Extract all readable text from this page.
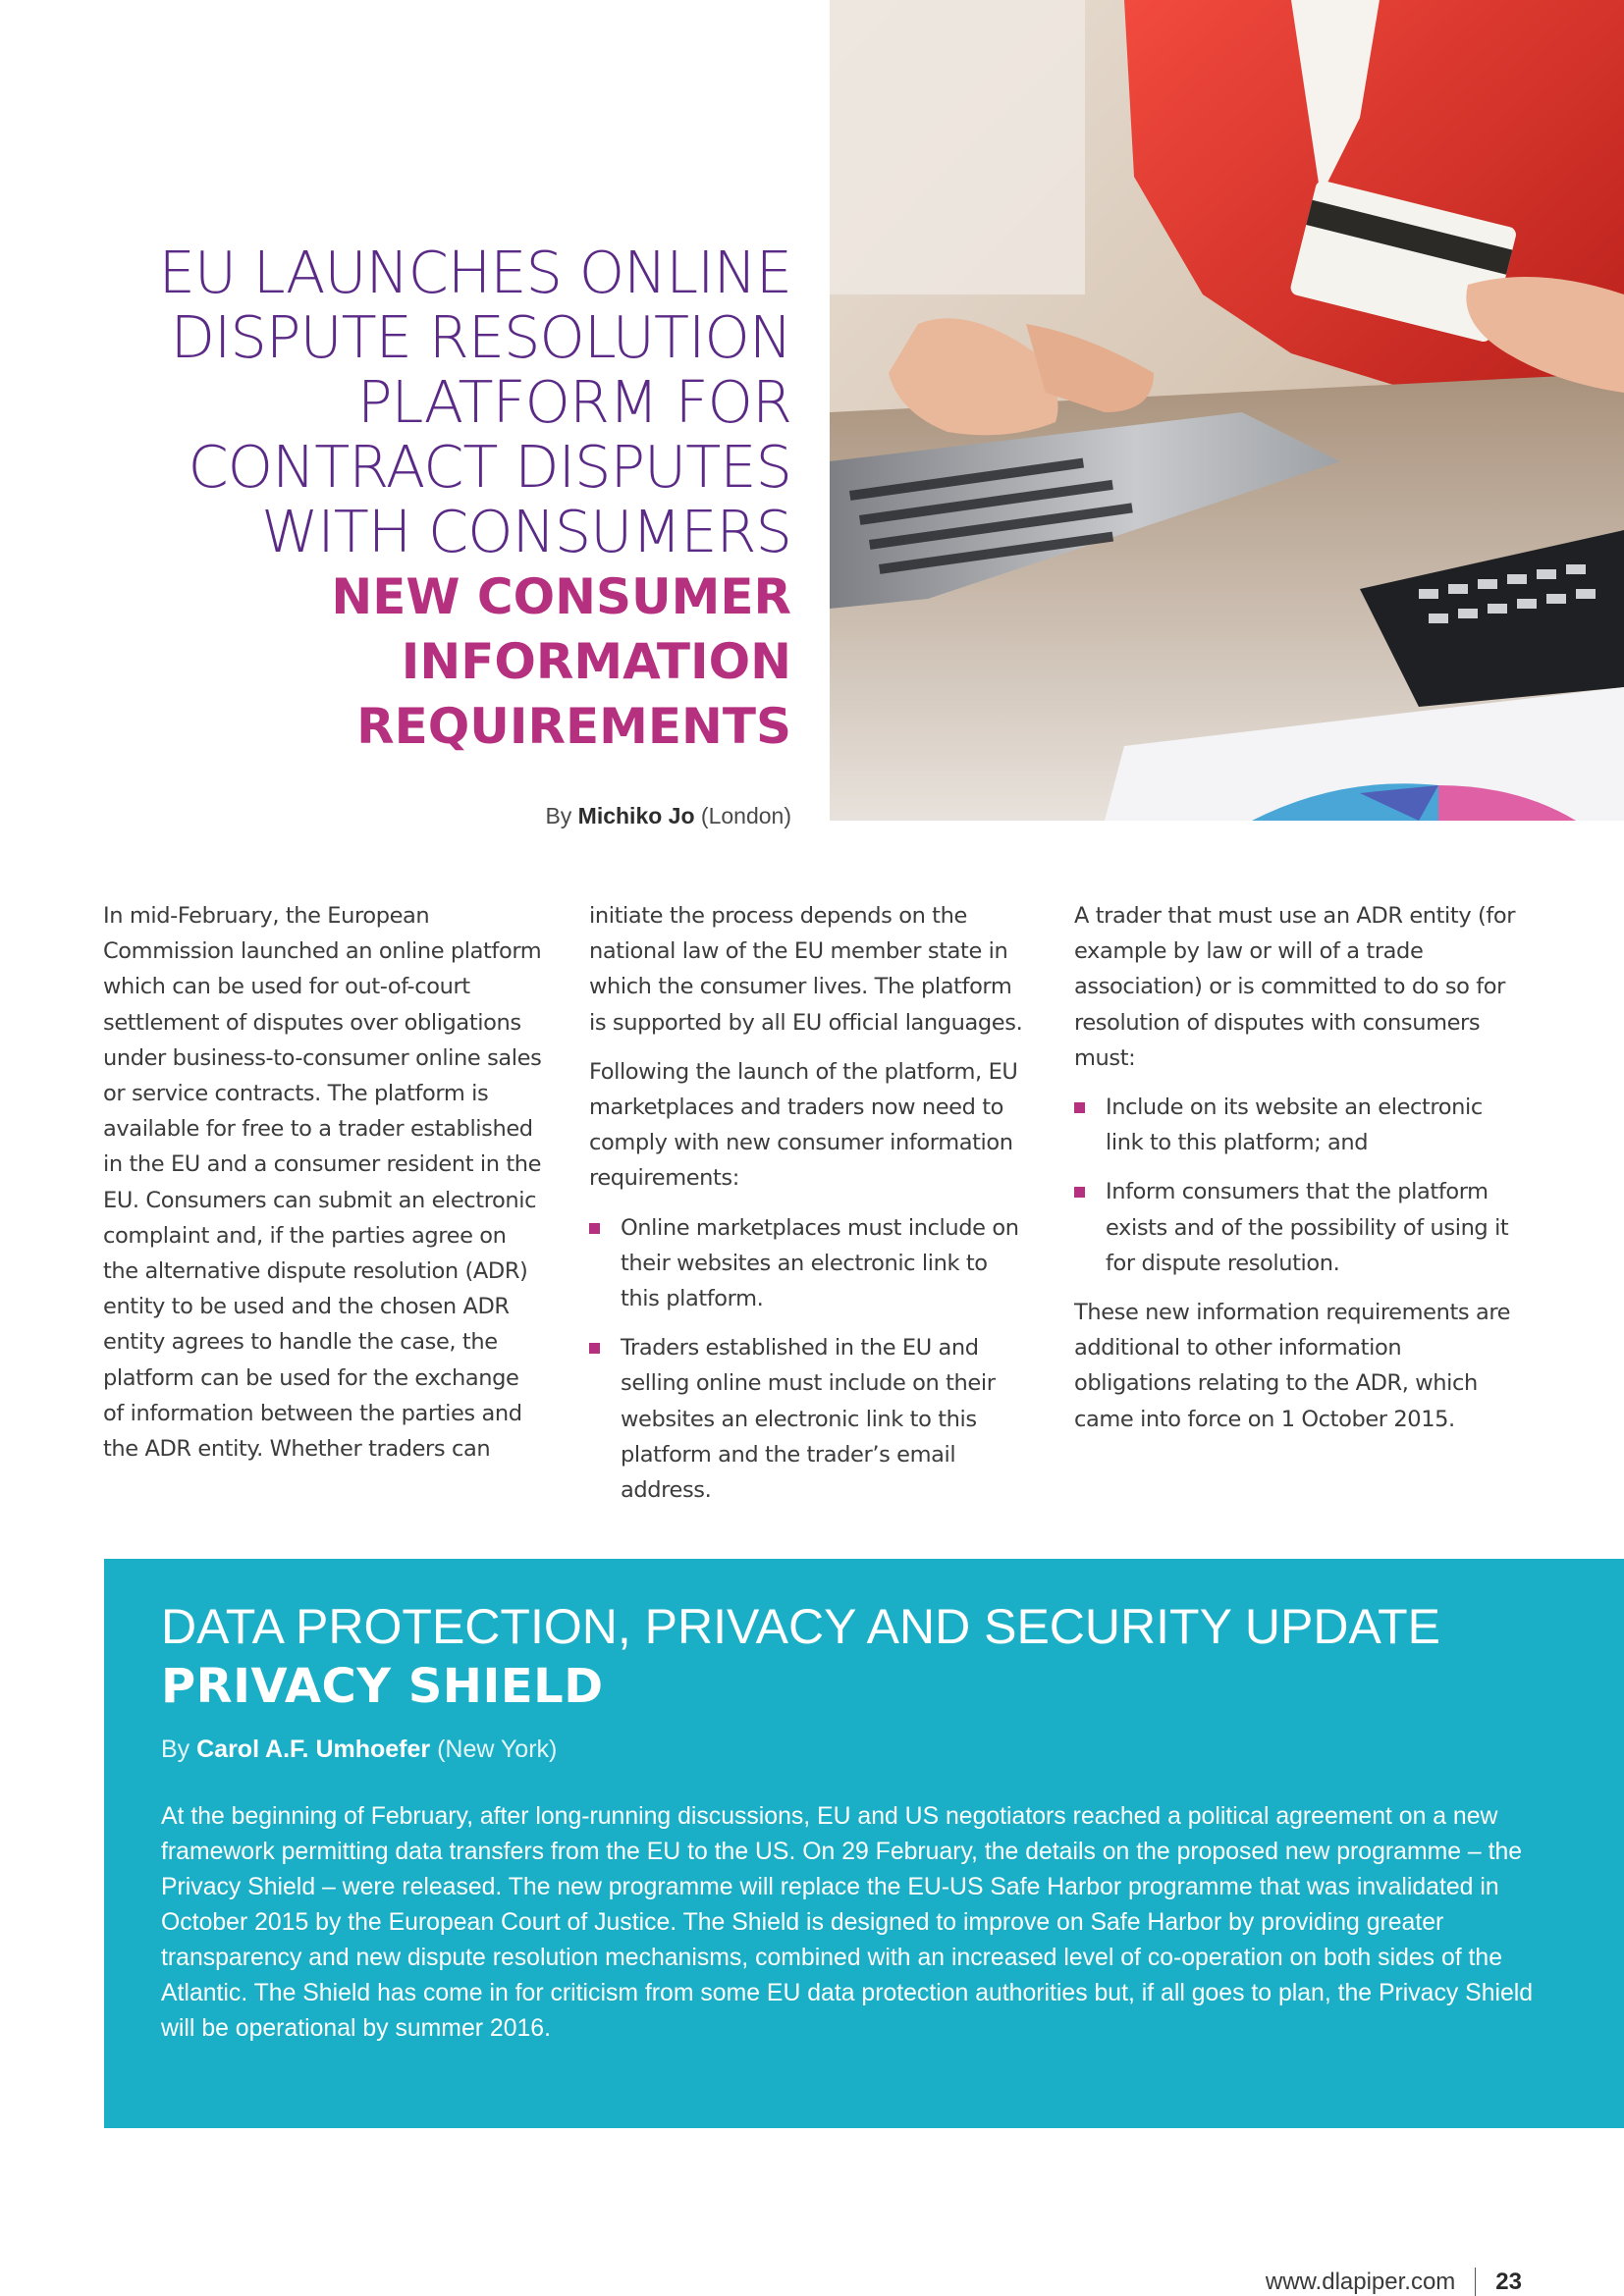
EU LAUNCHES ONLINE
DISPUTE RESOLUTION
PLATFORM FOR
CONTRACT DISPUTES
WITH CONSUMERS
NEW CONSUMER
INFORMATION
REQUIREMENTS
By Michiko Jo (London)

In mid-February, the European Commission launched an online platform which can be used for out-of-court settlement of disputes over obligations under business-to-consumer online sales or service contracts. The platform is available for free to a trader established in the EU and a consumer resident in the EU. Consumers can submit an electronic complaint and, if the parties agree on the alternative dispute resolution (ADR) entity to be used and the chosen ADR entity agrees to handle the case, the platform can be used for the exchange of information between the parties and the ADR entity. Whether traders can

initiate the process depends on the national law of the EU member state in which the consumer lives. The platform is supported by all EU official languages.

Following the launch of the platform, EU marketplaces and traders now need to comply with new consumer information requirements:

Online marketplaces must include on their websites an electronic link to this platform.
Traders established in the EU and selling online must include on their websites an electronic link to this platform and the trader’s email address.

A trader that must use an ADR entity (for example by law or will of a trade association) or is committed to do so for resolution of disputes with consumers must:

Include on its website an electronic link to this platform; and
Inform consumers that the platform exists and of the possibility of using it for dispute resolution.

These new information requirements are additional to other information obligations relating to the ADR, which came into force on 1 October 2015.

DATA PROTECTION, PRIVACY AND SECURITY UPDATE
PRIVACY SHIELD
By Carol A.F. Umhoefer (New York)
At the beginning of February, after long-running discussions, EU and US negotiators reached a political agreement on a new framework permitting data transfers from the EU to the US. On 29 February, the details on the proposed new programme – the Privacy Shield – were released. The new programme will replace the EU-US Safe Harbor programme that was invalidated in October 2015 by the European Court of Justice. The Shield is designed to improve on Safe Harbor by providing greater transparency and new dispute resolution mechanisms, combined with an increased level of co-operation on both sides of the Atlantic. The Shield has come in for criticism from some EU data protection authorities but, if all goes to plan, the Privacy Shield will be operational by summer 2016.
www.dlapiper.com 23
